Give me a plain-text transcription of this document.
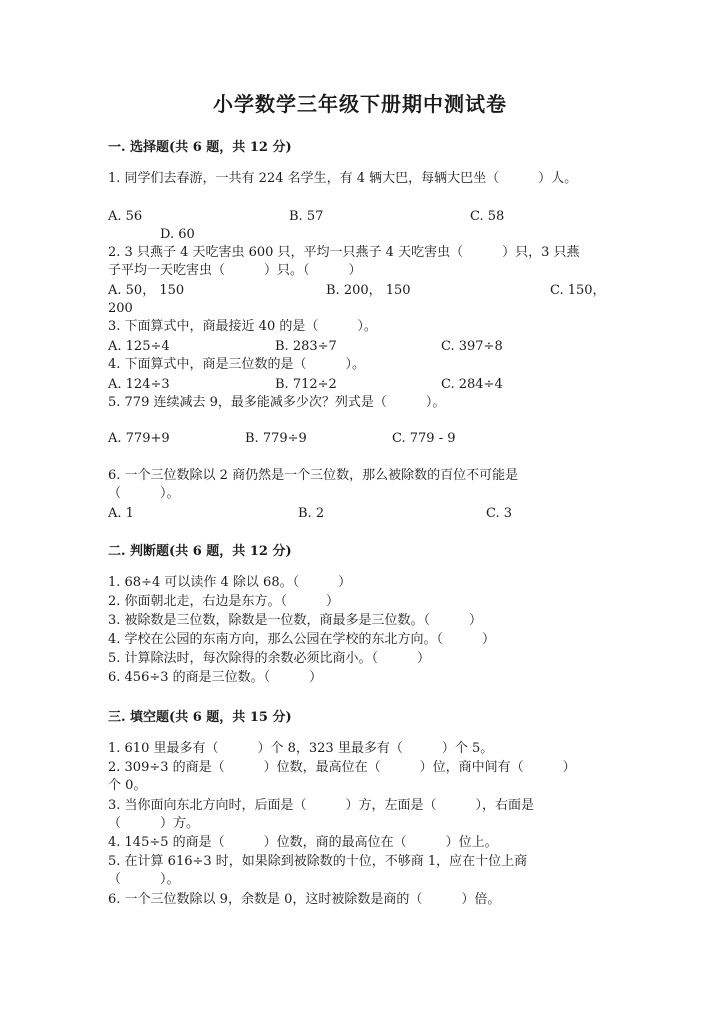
小学数学三年级下册期中测试卷
一. 选择题(共 6 题，共 12 分)
1. 同学们去春游，一共有 224 名学生，有 4 辆大巴，每辆大巴坐（　　　）人。
A. 56	B. 57	C. 58
D. 60
2. 3 只燕子 4 天吃害虫 600 只，平均一只燕子 4 天吃害虫（　　　）只，3 只燕
子平均一天吃害虫（　　　）只。（　　　）
A. 50， 150	B. 200， 150	C. 150，
200
3. 下面算式中，商最接近 40 的是（　　　）。
A. 125÷4	B. 283÷7	C. 397÷8
4. 下面算式中，商是三位数的是（　　　）。
A. 124÷3	B. 712÷2	C. 284÷4
5. 779 连续减去 9，最多能减多少次？列式是（　　　）。
A. 779+9	B. 779÷9	C. 779 - 9
6. 一个三位数除以 2 商仍然是一个三位数，那么被除数的百位不可能是
（　　　）。
A. 1	B. 2	C. 3
二. 判断题(共 6 题，共 12 分)
1. 68÷4 可以读作 4 除以 68。（　　　）
2. 你面朝北走，右边是东方。（　　　）
3. 被除数是三位数，除数是一位数，商最多是三位数。（　　　）
4. 学校在公园的东南方向，那么公园在学校的东北方向。（　　　）
5. 计算除法时，每次除得的余数必须比商小。（　　　）
6. 456÷3 的商是三位数。（　　　）
三. 填空题(共 6 题，共 15 分)
1. 610 里最多有（　　　）个 8，323 里最多有（　　　）个 5。
2. 309÷3 的商是（　　　）位数，最高位在（　　　）位，商中间有（　　　）
个 0。
3. 当你面向东北方向时，后面是（　　　）方，左面是（　　　），右面是
（　　　）方。
4. 145÷5 的商是（　　　）位数，商的最高位在（　　　）位上。
5. 在计算 616÷3 时，如果除到被除数的十位，不够商 1，应在十位上商
（　　　）。
6. 一个三位数除以 9，余数是 0，这时被除数是商的（　　　）倍。
